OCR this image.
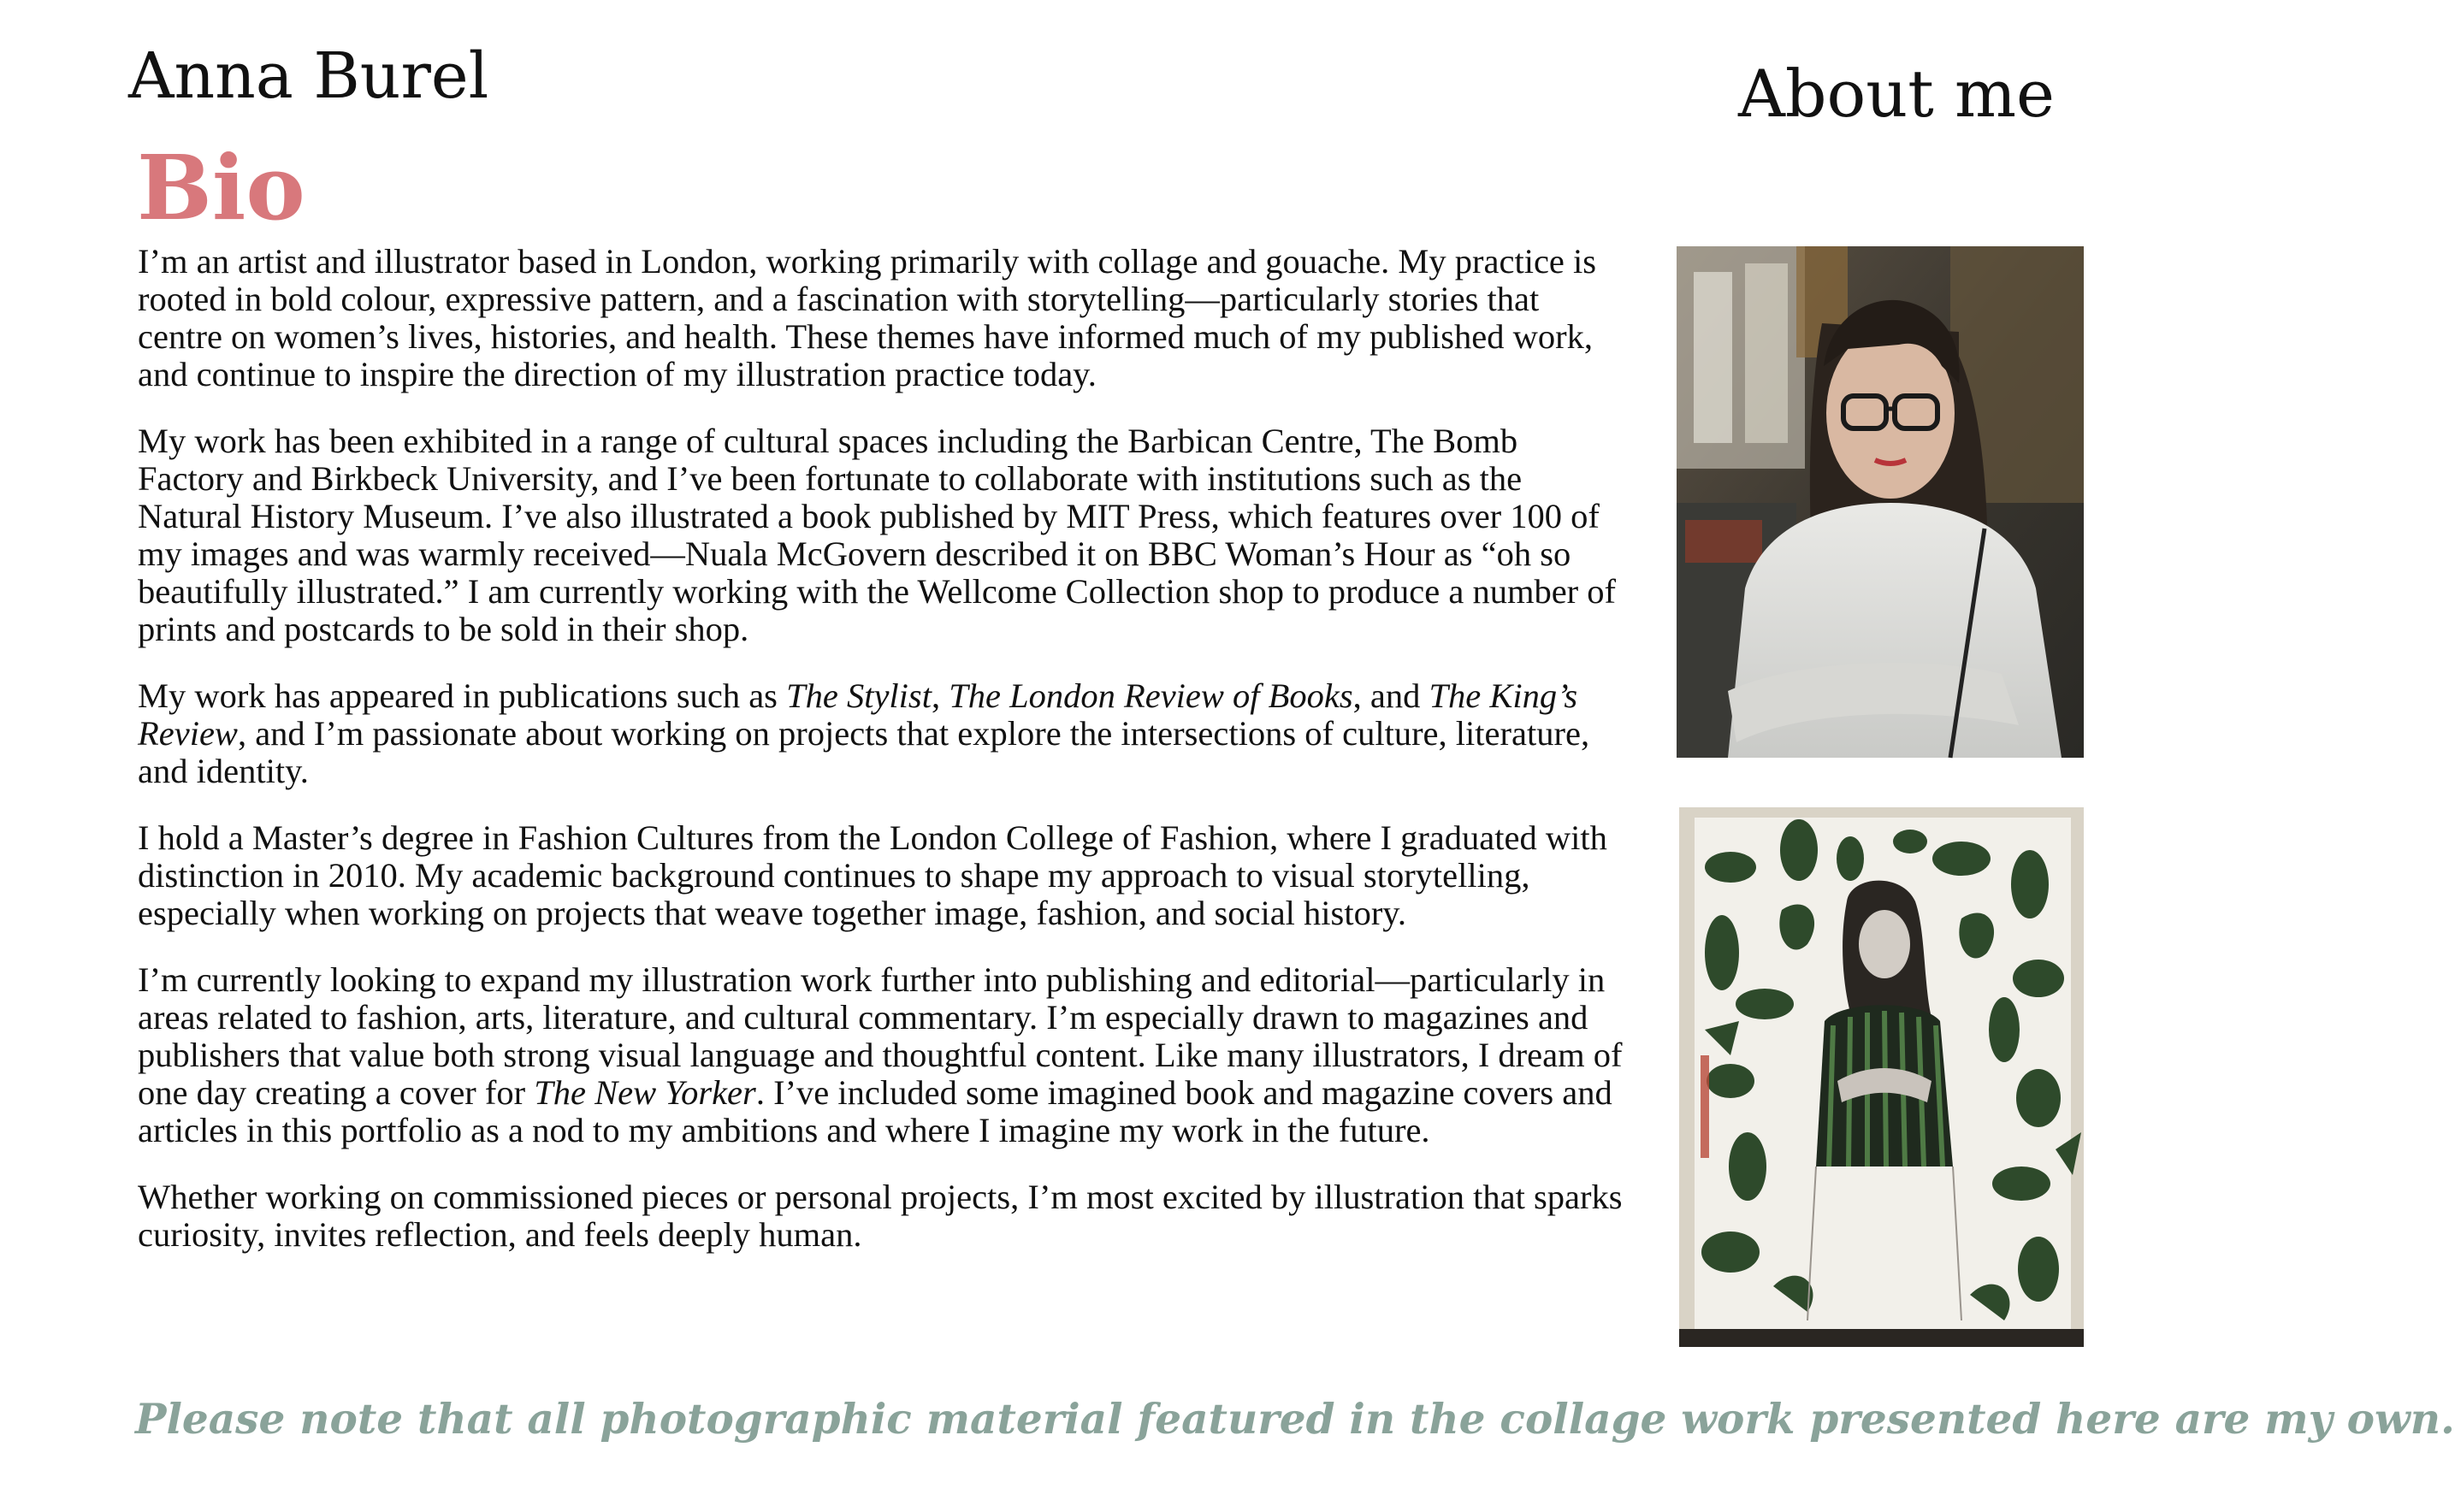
Anna Burel	About me
Bio

I’m an artist and illustrator based in London, working primarily with collage and gouache. My practice is rooted in bold colour, expressive pattern, and a fascination with storytelling—particularly stories that centre on women’s lives, histories, and health. These themes have informed much of my published work, and continue to inspire the direction of my illustration practice today.

My work has been exhibited in a range of cultural spaces including the Barbican Centre, The Bomb Factory and Birkbeck University, and I’ve been fortunate to collaborate with institutions such as the Natural History Museum. I’ve also illustrated a book published by MIT Press, which features over 100 of my images and was warmly received—Nuala McGovern described it on BBC Woman’s Hour as “oh so beautifully illustrated.” I am currently working with the Wellcome Collection shop to produce a number of prints and postcards to be sold in their shop.

My work has appeared in publications such as The Stylist, The London Review of Books, and The King’s Review, and I’m passionate about working on projects that explore the intersections of culture, literature, and identity.

I hold a Master’s degree in Fashion Cultures from the London College of Fashion, where I graduated with distinction in 2010. My academic background continues to shape my approach to visual storytelling, especially when working on projects that weave together image, fashion, and social history.

I’m currently looking to expand my illustration work further into publishing and editorial—particularly in areas related to fashion, arts, literature, and cultural commentary. I’m especially drawn to magazines and publishers that value both strong visual language and thoughtful content. Like many illustrators, I dream of one day creating a cover for The New Yorker. I’ve included some imagined book and magazine covers and articles in this portfolio as a nod to my ambitions and where I imagine my work in the future.

Whether working on commissioned pieces or personal projects, I’m most excited by illustration that sparks curiosity, invites reflection, and feels deeply human.

Please note that all photographic material featured in the collage work presented here are my own.
